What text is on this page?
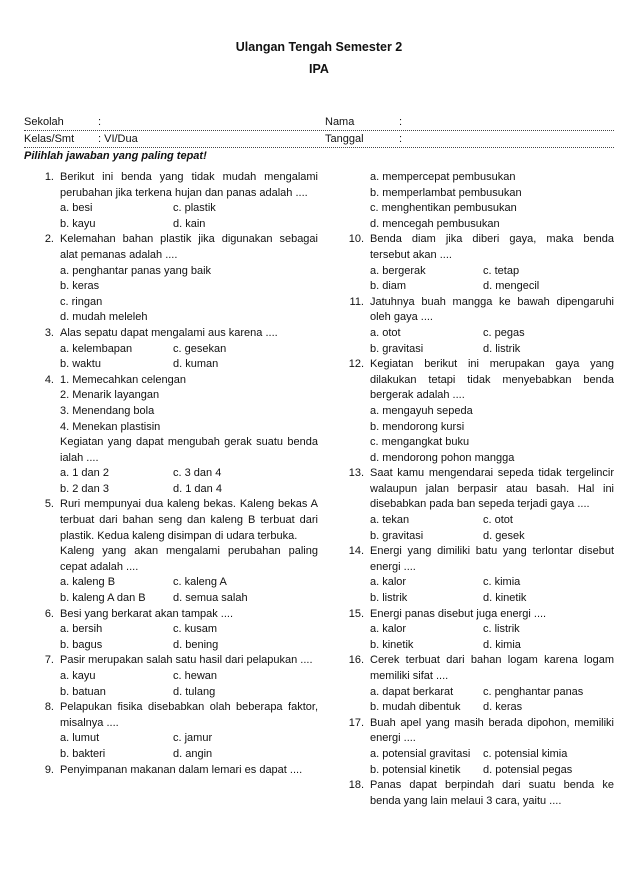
Ulangan Tengah Semester 2
IPA
Sekolah	:	Nama	:
Kelas/Smt : VI/Dua	Tanggal	:
Pilihlah jawaban yang paling tepat!
1. Berikut ini benda yang tidak mudah mengalami perubahan jika terkena hujan dan panas adalah ....
a. besi	c. plastik
b. kayu	d. kain
2. Kelemahan bahan plastik jika digunakan sebagai alat pemanas adalah ....
a. penghantar panas yang baik
b. keras
c. ringan
d. mudah meleleh
3. Alas sepatu dapat mengalami aus karena ....
a. kelembapan	c. gesekan
b. waktu	d. kuman
4. 1. Memecahkan celengan
2. Menarik layangan
3. Menendang bola
4. Menekan plastisin
Kegiatan yang dapat mengubah gerak suatu benda ialah ....
a. 1 dan 2	c. 3 dan 4
b. 2 dan 3	d. 1 dan 4
5. Ruri mempunyai dua kaleng bekas. Kaleng bekas A terbuat dari bahan seng dan kaleng B terbuat dari plastik. Kedua kaleng disimpan di udara terbuka.
Kaleng yang akan mengalami perubahan paling cepat adalah ....
a. kaleng B	c. kaleng A
b. kaleng A dan B	d. semua salah
6. Besi yang berkarat akan tampak ....
a. bersih	c. kusam
b. bagus	d. bening
7. Pasir merupakan salah satu hasil dari pelapukan ....
a. kayu	c. hewan
b. batuan	d. tulang
8. Pelapukan fisika disebabkan olah beberapa faktor, misalnya ....
a. lumut	c. jamur
b. bakteri	d. angin
9. Penyimpanan makanan dalam lemari es dapat ....
a. mempercepat pembusukan
b. memperlambat pembusukan
c. menghentikan pembusukan
d. mencegah pembusukan
10. Benda diam jika diberi gaya, maka benda tersebut akan ....
a. bergerak	c. tetap
b. diam	d. mengecil
11. Jatuhnya buah mangga ke bawah dipengaruhi oleh gaya ....
a. otot	c. pegas
b. gravitasi	d. listrik
12. Kegiatan berikut ini merupakan gaya yang dilakukan tetapi tidak menyebabkan benda bergerak adalah ....
a. mengayuh sepeda
b. mendorong kursi
c. mengangkat buku
d. mendorong pohon mangga
13. Saat kamu mengendarai sepeda tidak tergelincir walaupun jalan berpasir atau basah. Hal ini disebabkan pada ban sepeda terjadi gaya ....
a. tekan	c. otot
b. gravitasi	d. gesek
14. Energi yang dimiliki batu yang terlontar disebut energi ....
a. kalor	c. kimia
b. listrik	d. kinetik
15. Energi panas disebut juga energi ....
a. kalor	c. listrik
b. kinetik	d. kimia
16. Cerek terbuat dari bahan logam karena logam memiliki sifat ....
a. dapat berkarat	c. penghantar panas
b. mudah dibentuk	d. keras
17. Buah apel yang masih berada dipohon, memiliki energi ....
a. potensial gravitasi	c. potensial kimia
b. potensial kinetik	d. potensial pegas
18. Panas dapat berpindah dari suatu benda ke benda yang lain melaui 3 cara, yaitu ....
